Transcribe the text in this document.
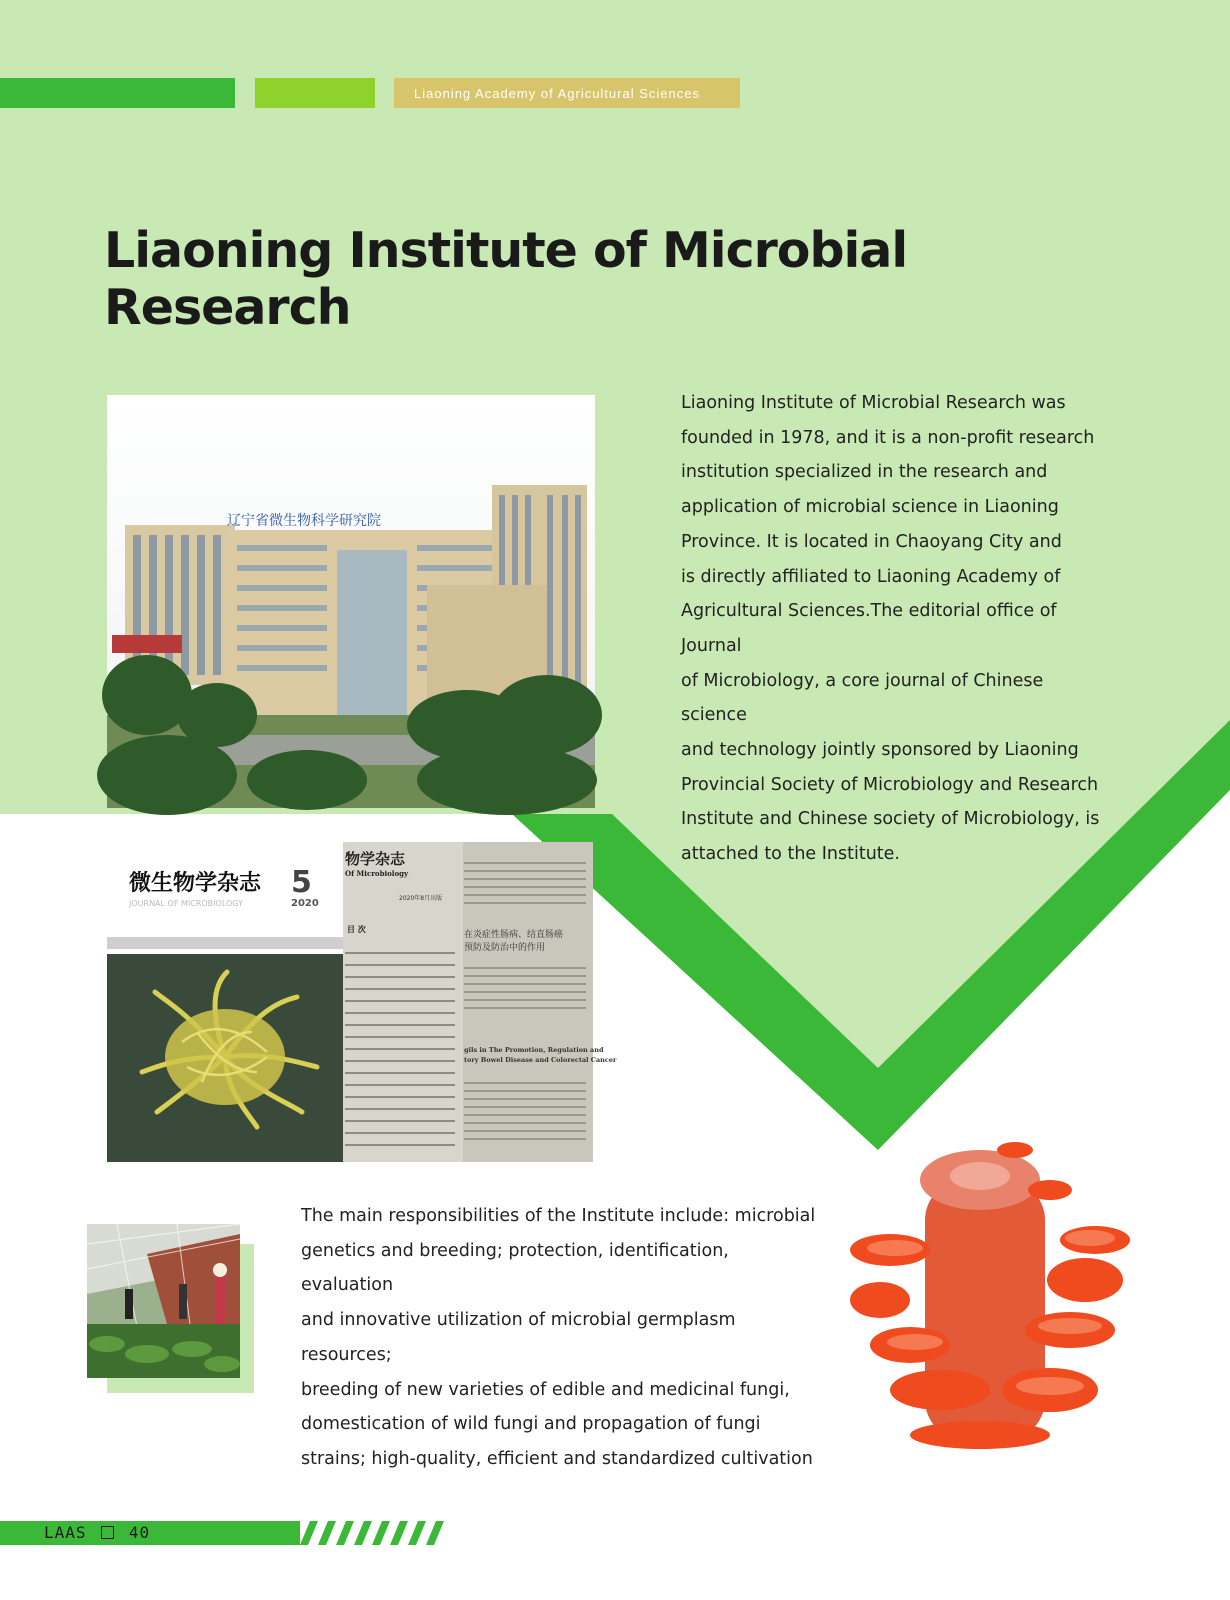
Liaoning Academy of Agricultural Sciences
Liaoning Institute of Microbial Research
辽宁省微生物科学研究院
Liaoning Institute of Microbial Research was
founded in 1978, and it is a non-profit research
institution specialized in the research and
application of microbial science in Liaoning
Province. It is located in Chaoyang City and
is directly affiliated to Liaoning Academy of
Agricultural Sciences.The editorial office of Journal
of Microbiology, a core journal of Chinese science
and technology jointly sponsored by Liaoning
Provincial Society of Microbiology and Research
Institute and Chinese society of Microbiology, is
attached to the Institute.
在炎症性肠病、结直肠癌
预防及防治中的作用
gils in The Promotion, Regulation and
tory Bowel Disease and Colorectal Cancer
物学杂志
Of Microbiology
2020年8月出版
目 次
微生物学杂志 5
2020
JOURNAL OF MICROBIOLOGY
The main responsibilities of the Institute include: microbial
genetics and breeding; protection, identification, evaluation
and innovative utilization of microbial germplasm resources;
breeding of new varieties of edible and medicinal fungi,
domestication of wild fungi and propagation of fungi
strains; high-quality, efficient and standardized cultivation
LAAS	40
